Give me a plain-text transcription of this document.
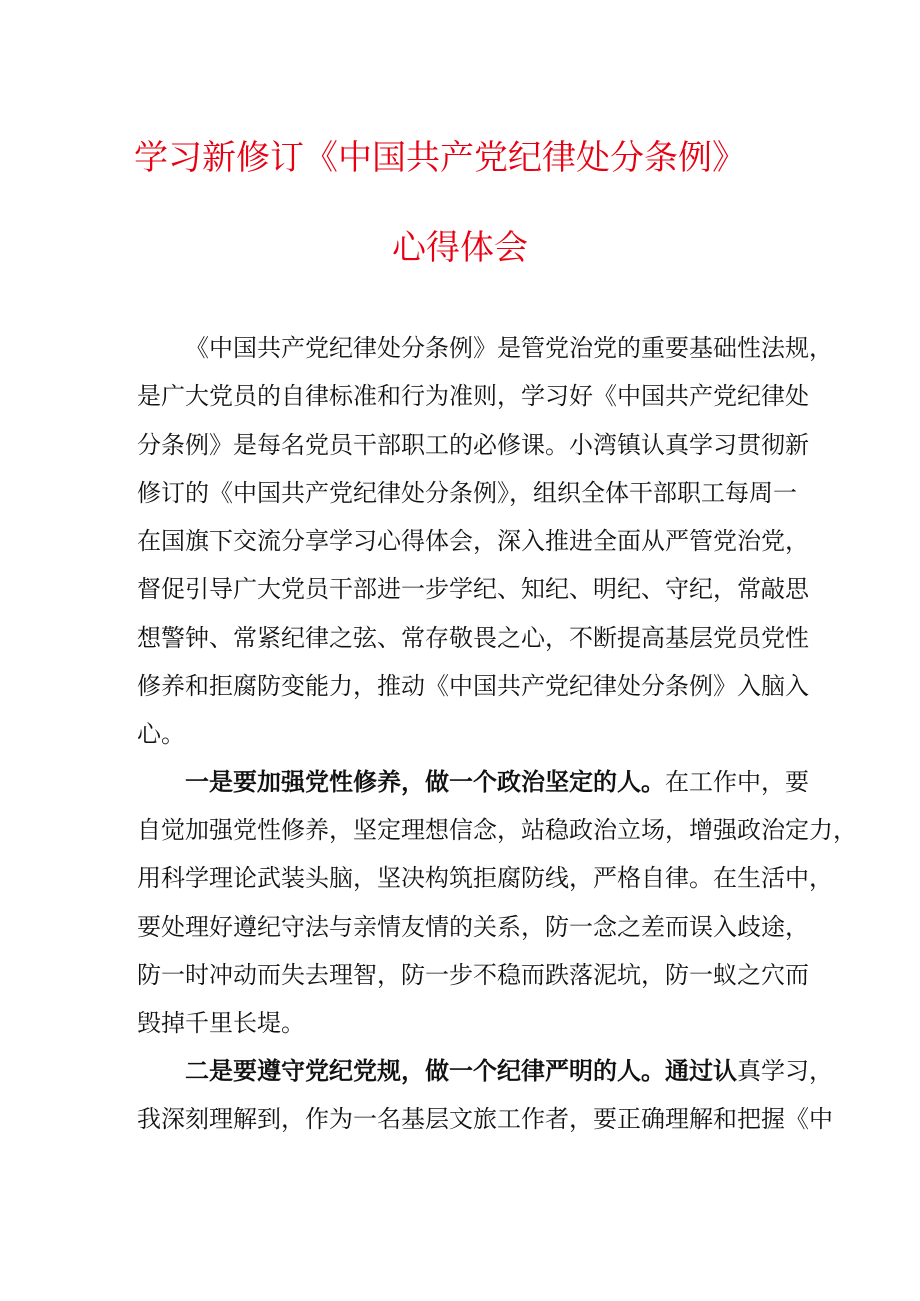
学习新修订《中国共产党纪律处分条例》
心得体会
《中国共产党纪律处分条例》是管党治党的重要基础性法规，
是广大党员的自律标准和行为准则，学习好《中国共产党纪律处
分条例》是每名党员干部职工的必修课。小湾镇认真学习贯彻新
修订的《中国共产党纪律处分条例》，组织全体干部职工每周一
在国旗下交流分享学习心得体会，深入推进全面从严管党治党，
督促引导广大党员干部进一步学纪、知纪、明纪、守纪，常敲思
想警钟、常紧纪律之弦、常存敬畏之心，不断提高基层党员党性
修养和拒腐防变能力，推动《中国共产党纪律处分条例》入脑入
心。
一是要加强党性修养，做一个政治坚定的人。在工作中，要
自觉加强党性修养，坚定理想信念，站稳政治立场，增强政治定力，
用科学理论武装头脑，坚决构筑拒腐防线，严格自律。在生活中，
要处理好遵纪守法与亲情友情的关系，防一念之差而误入歧途，
防一时冲动而失去理智，防一步不稳而跌落泥坑，防一蚁之穴而
毁掉千里长堤。
二是要遵守党纪党规，做一个纪律严明的人。通过认真学习，
我深刻理解到，作为一名基层文旅工作者，要正确理解和把握《中
